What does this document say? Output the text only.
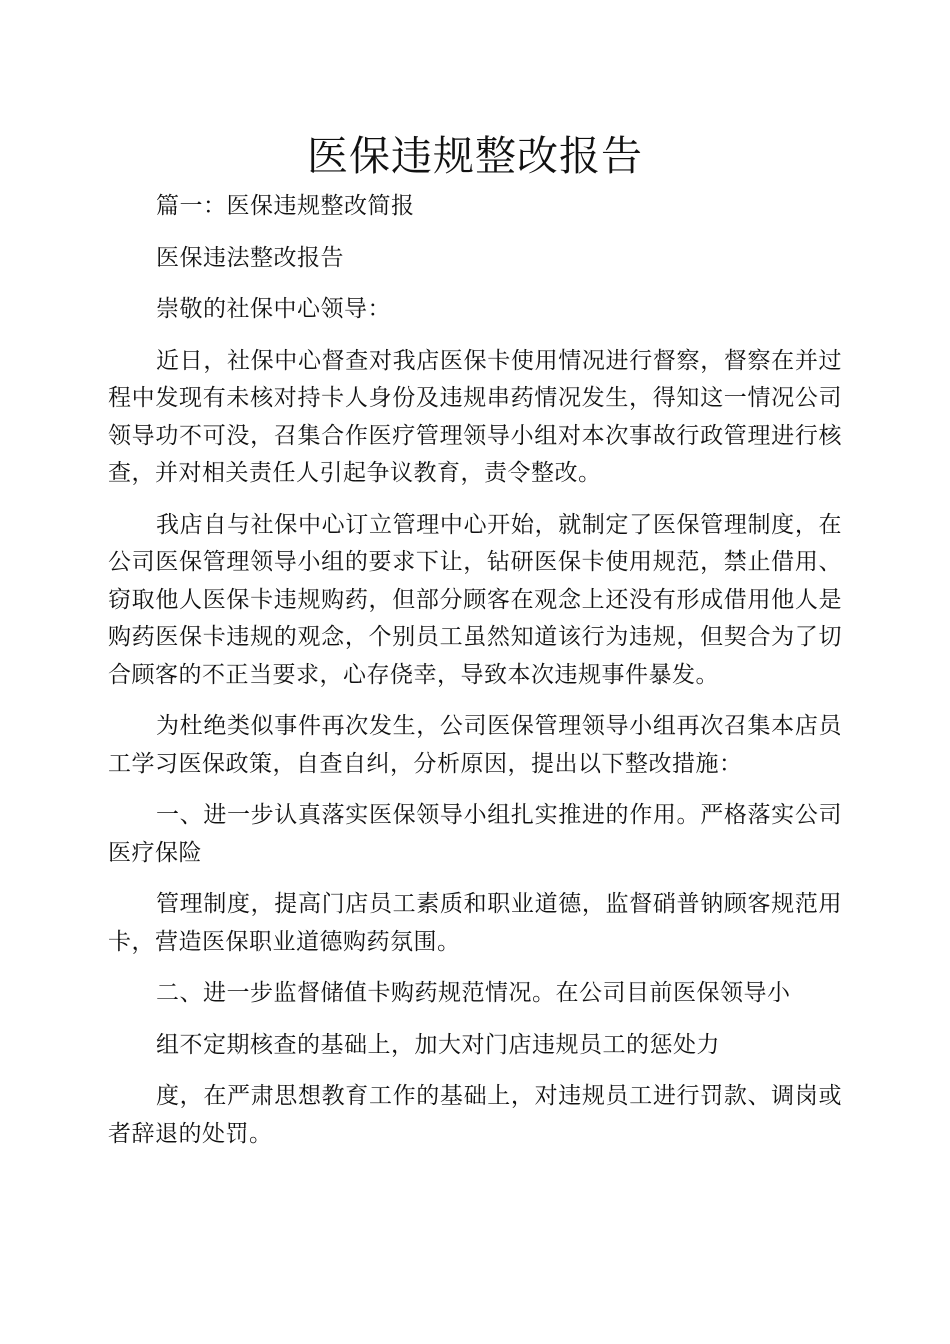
医保违规整改报告

篇一：医保违规整改简报

医保违法整改报告

崇敬的社保中心领导：

近日，社保中心督查对我店医保卡使用情况进行督察，督察在并过程中发现有未核对持卡人身份及违规串药情况发生，得知这一情况公司领导功不可没，召集合作医疗管理领导小组对本次事故行政管理进行核查，并对相关责任人引起争议教育，责令整改。

我店自与社保中心订立管理中心开始，就制定了医保管理制度，在公司医保管理领导小组的要求下让，钻研医保卡使用规范，禁止借用、窃取他人医保卡违规购药，但部分顾客在观念上还没有形成借用他人是购药医保卡违规的观念，个别员工虽然知道该行为违规，但契合为了切合顾客的不正当要求，心存侥幸，导致本次违规事件暴发。

为杜绝类似事件再次发生，公司医保管理领导小组再次召集本店员工学习医保政策，自查自纠，分析原因，提出以下整改措施：

一、进一步认真落实医保领导小组扎实推进的作用。严格落实公司医疗保险

管理制度，提高门店员工素质和职业道德，监督硝普钠顾客规范用卡，营造医保职业道德购药氛围。

二、进一步监督储值卡购药规范情况。在公司目前医保领导小

组不定期核查的基础上，加大对门店违规员工的惩处力

度，在严肃思想教育工作的基础上，对违规员工进行罚款、调岗或者辞退的处罚。
